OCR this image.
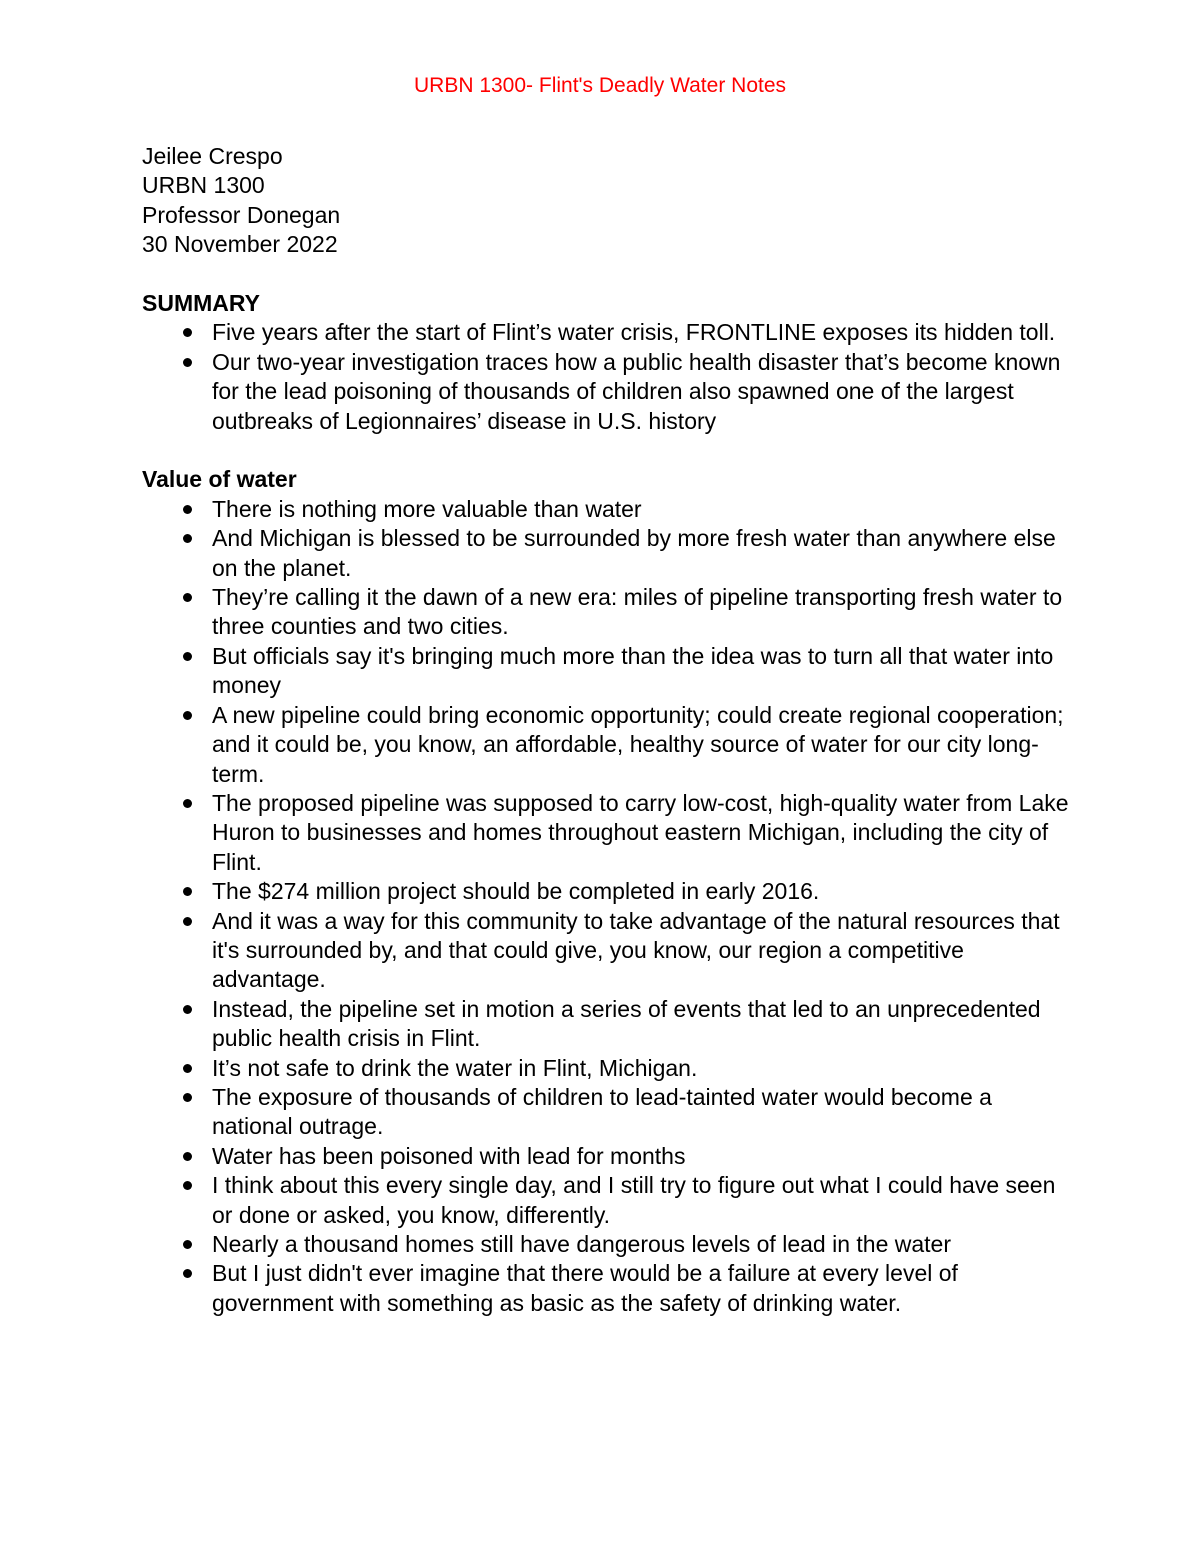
URBN 1300- Flint's Deadly Water Notes
Jeilee Crespo
URBN 1300
Professor Donegan
30 November 2022
SUMMARY
Five years after the start of Flint’s water crisis, FRONTLINE exposes its hidden toll.
Our two-year investigation traces how a public health disaster that’s become known for the lead poisoning of thousands of children also spawned one of the largest outbreaks of Legionnaires’ disease in U.S. history
Value of water
There is nothing more valuable than water
And Michigan is blessed to be surrounded by more fresh water than anywhere else on the planet.
They’re calling it the dawn of a new era: miles of pipeline transporting fresh water to three counties and two cities.
But officials say it's bringing much more than the idea was to turn all that water into money
A new pipeline could bring economic opportunity; could create regional cooperation; and it could be, you know, an affordable, healthy source of water for our city long-term.
The proposed pipeline was supposed to carry low-cost, high-quality water from Lake Huron to businesses and homes throughout eastern Michigan, including the city of Flint.
The $274 million project should be completed in early 2016.
And it was a way for this community to take advantage of the natural resources that it's surrounded by, and that could give, you know, our region a competitive advantage.
Instead, the pipeline set in motion a series of events that led to an unprecedented public health crisis in Flint.
It’s not safe to drink the water in Flint, Michigan.
The exposure of thousands of children to lead-tainted water would become a national outrage.
Water has been poisoned with lead for months
I think about this every single day, and I still try to figure out what I could have seen or done or asked, you know, differently.
Nearly a thousand homes still have dangerous levels of lead in the water
But I just didn't ever imagine that there would be a failure at every level of government with something as basic as the safety of drinking water.
